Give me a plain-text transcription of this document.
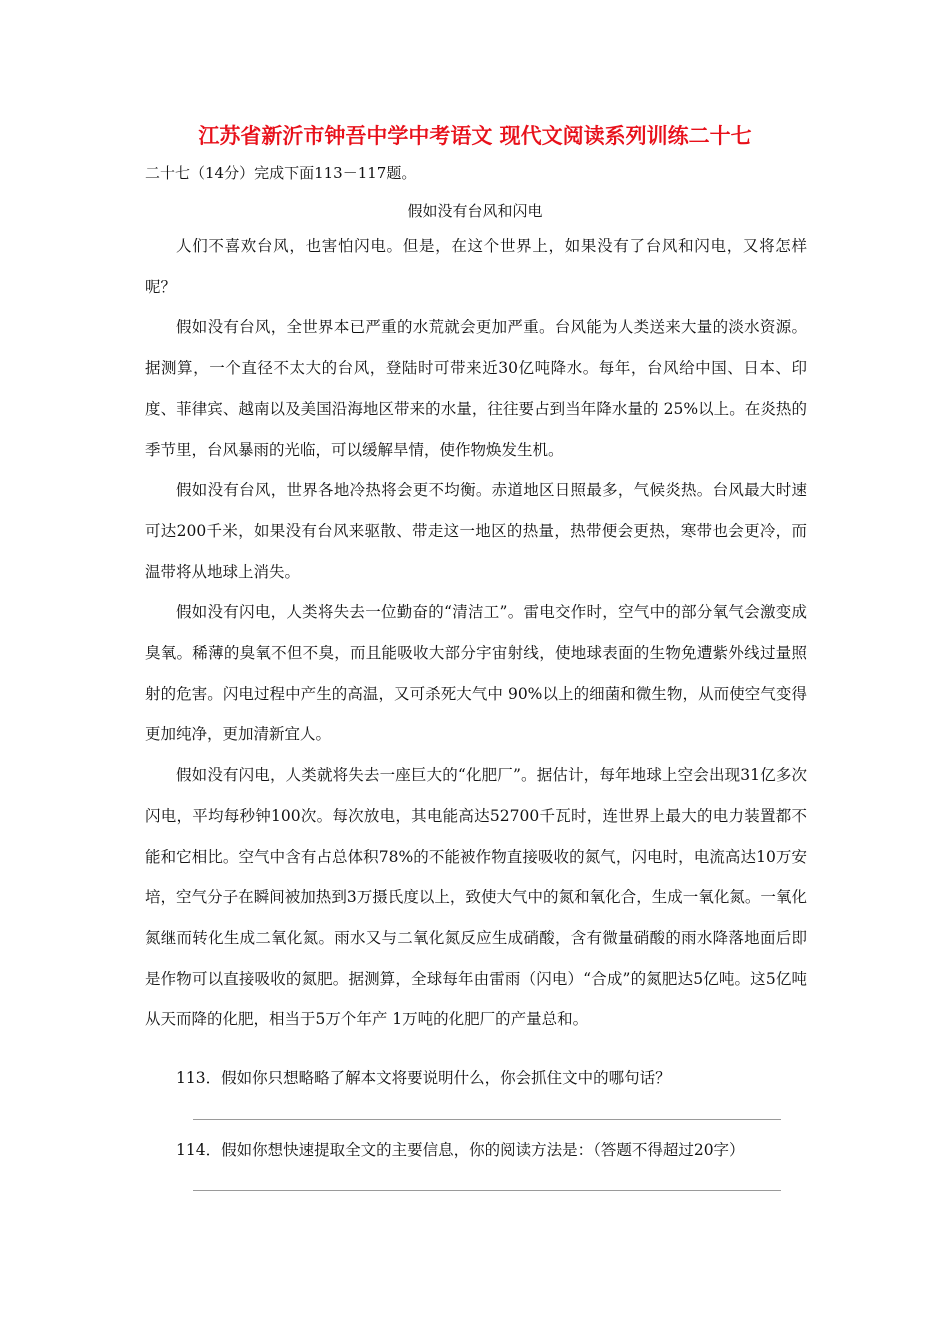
江苏省新沂市钟吾中学中考语文 现代文阅读系列训练二十七
二十七（14分）完成下面113－117题。
假如没有台风和闪电

人们不喜欢台风，也害怕闪电。但是，在这个世界上，如果没有了台风和闪电，又将怎样呢？

假如没有台风，全世界本已严重的水荒就会更加严重。台风能为人类送来大量的淡水资源。据测算，一个直径不太大的台风，登陆时可带来近30亿吨降水。每年，台风给中国、日本、印度、菲律宾、越南以及美国沿海地区带来的水量，往往要占到当年降水量的 25%以上。在炎热的季节里，台风暴雨的光临，可以缓解旱情，使作物焕发生机。

假如没有台风，世界各地冷热将会更不均衡。赤道地区日照最多，气候炎热。台风最大时速可达200千米，如果没有台风来驱散、带走这一地区的热量，热带便会更热，寒带也会更冷，而温带将从地球上消失。

假如没有闪电，人类将失去一位勤奋的“清洁工”。雷电交作时，空气中的部分氧气会激变成臭氧。稀薄的臭氧不但不臭，而且能吸收大部分宇宙射线，使地球表面的生物免遭紫外线过量照射的危害。闪电过程中产生的高温，又可杀死大气中 90%以上的细菌和微生物，从而使空气变得更加纯净，更加清新宜人。

假如没有闪电，人类就将失去一座巨大的“化肥厂”。据估计，每年地球上空会出现31亿多次闪电，平均每秒钟100次。每次放电，其电能高达52700千瓦时，连世界上最大的电力装置都不能和它相比。空气中含有占总体积78%的不能被作物直接吸收的氮气，闪电时，电流高达10万安培，空气分子在瞬间被加热到3万摄氏度以上，致使大气中的氮和氧化合，生成一氧化氮。一氧化氮继而转化生成二氧化氮。雨水又与二氧化氮反应生成硝酸，含有微量硝酸的雨水降落地面后即是作物可以直接吸收的氮肥。据测算，全球每年由雷雨（闪电）“合成”的氮肥达5亿吨。这5亿吨从天而降的化肥，相当于5万个年产 1万吨的化肥厂的产量总和。

113．假如你只想略略了解本文将要说明什么，你会抓住文中的哪句话？
114．假如你想快速提取全文的主要信息，你的阅读方法是：（答题不得超过20字）
